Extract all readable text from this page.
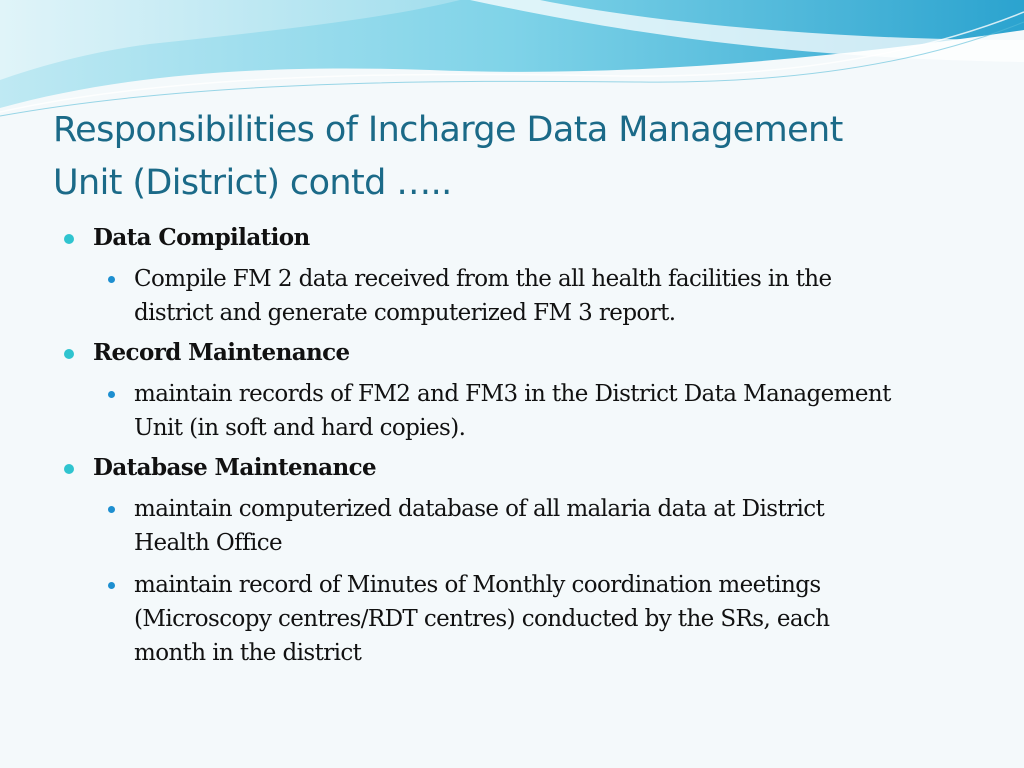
Responsibilities of Incharge Data Management
Unit (District) contd …..

Data Compilation

Compile FM 2 data received from the all health facilities in the
district and generate computerized FM 3 report.

Record Maintenance

maintain records of FM2 and FM3 in the District Data Management
Unit (in soft and hard copies).

Database Maintenance

maintain computerized database of all malaria data at District
Health Office

maintain record of Minutes of Monthly coordination meetings
(Microscopy centres/RDT centres) conducted by the SRs, each
month in the district
